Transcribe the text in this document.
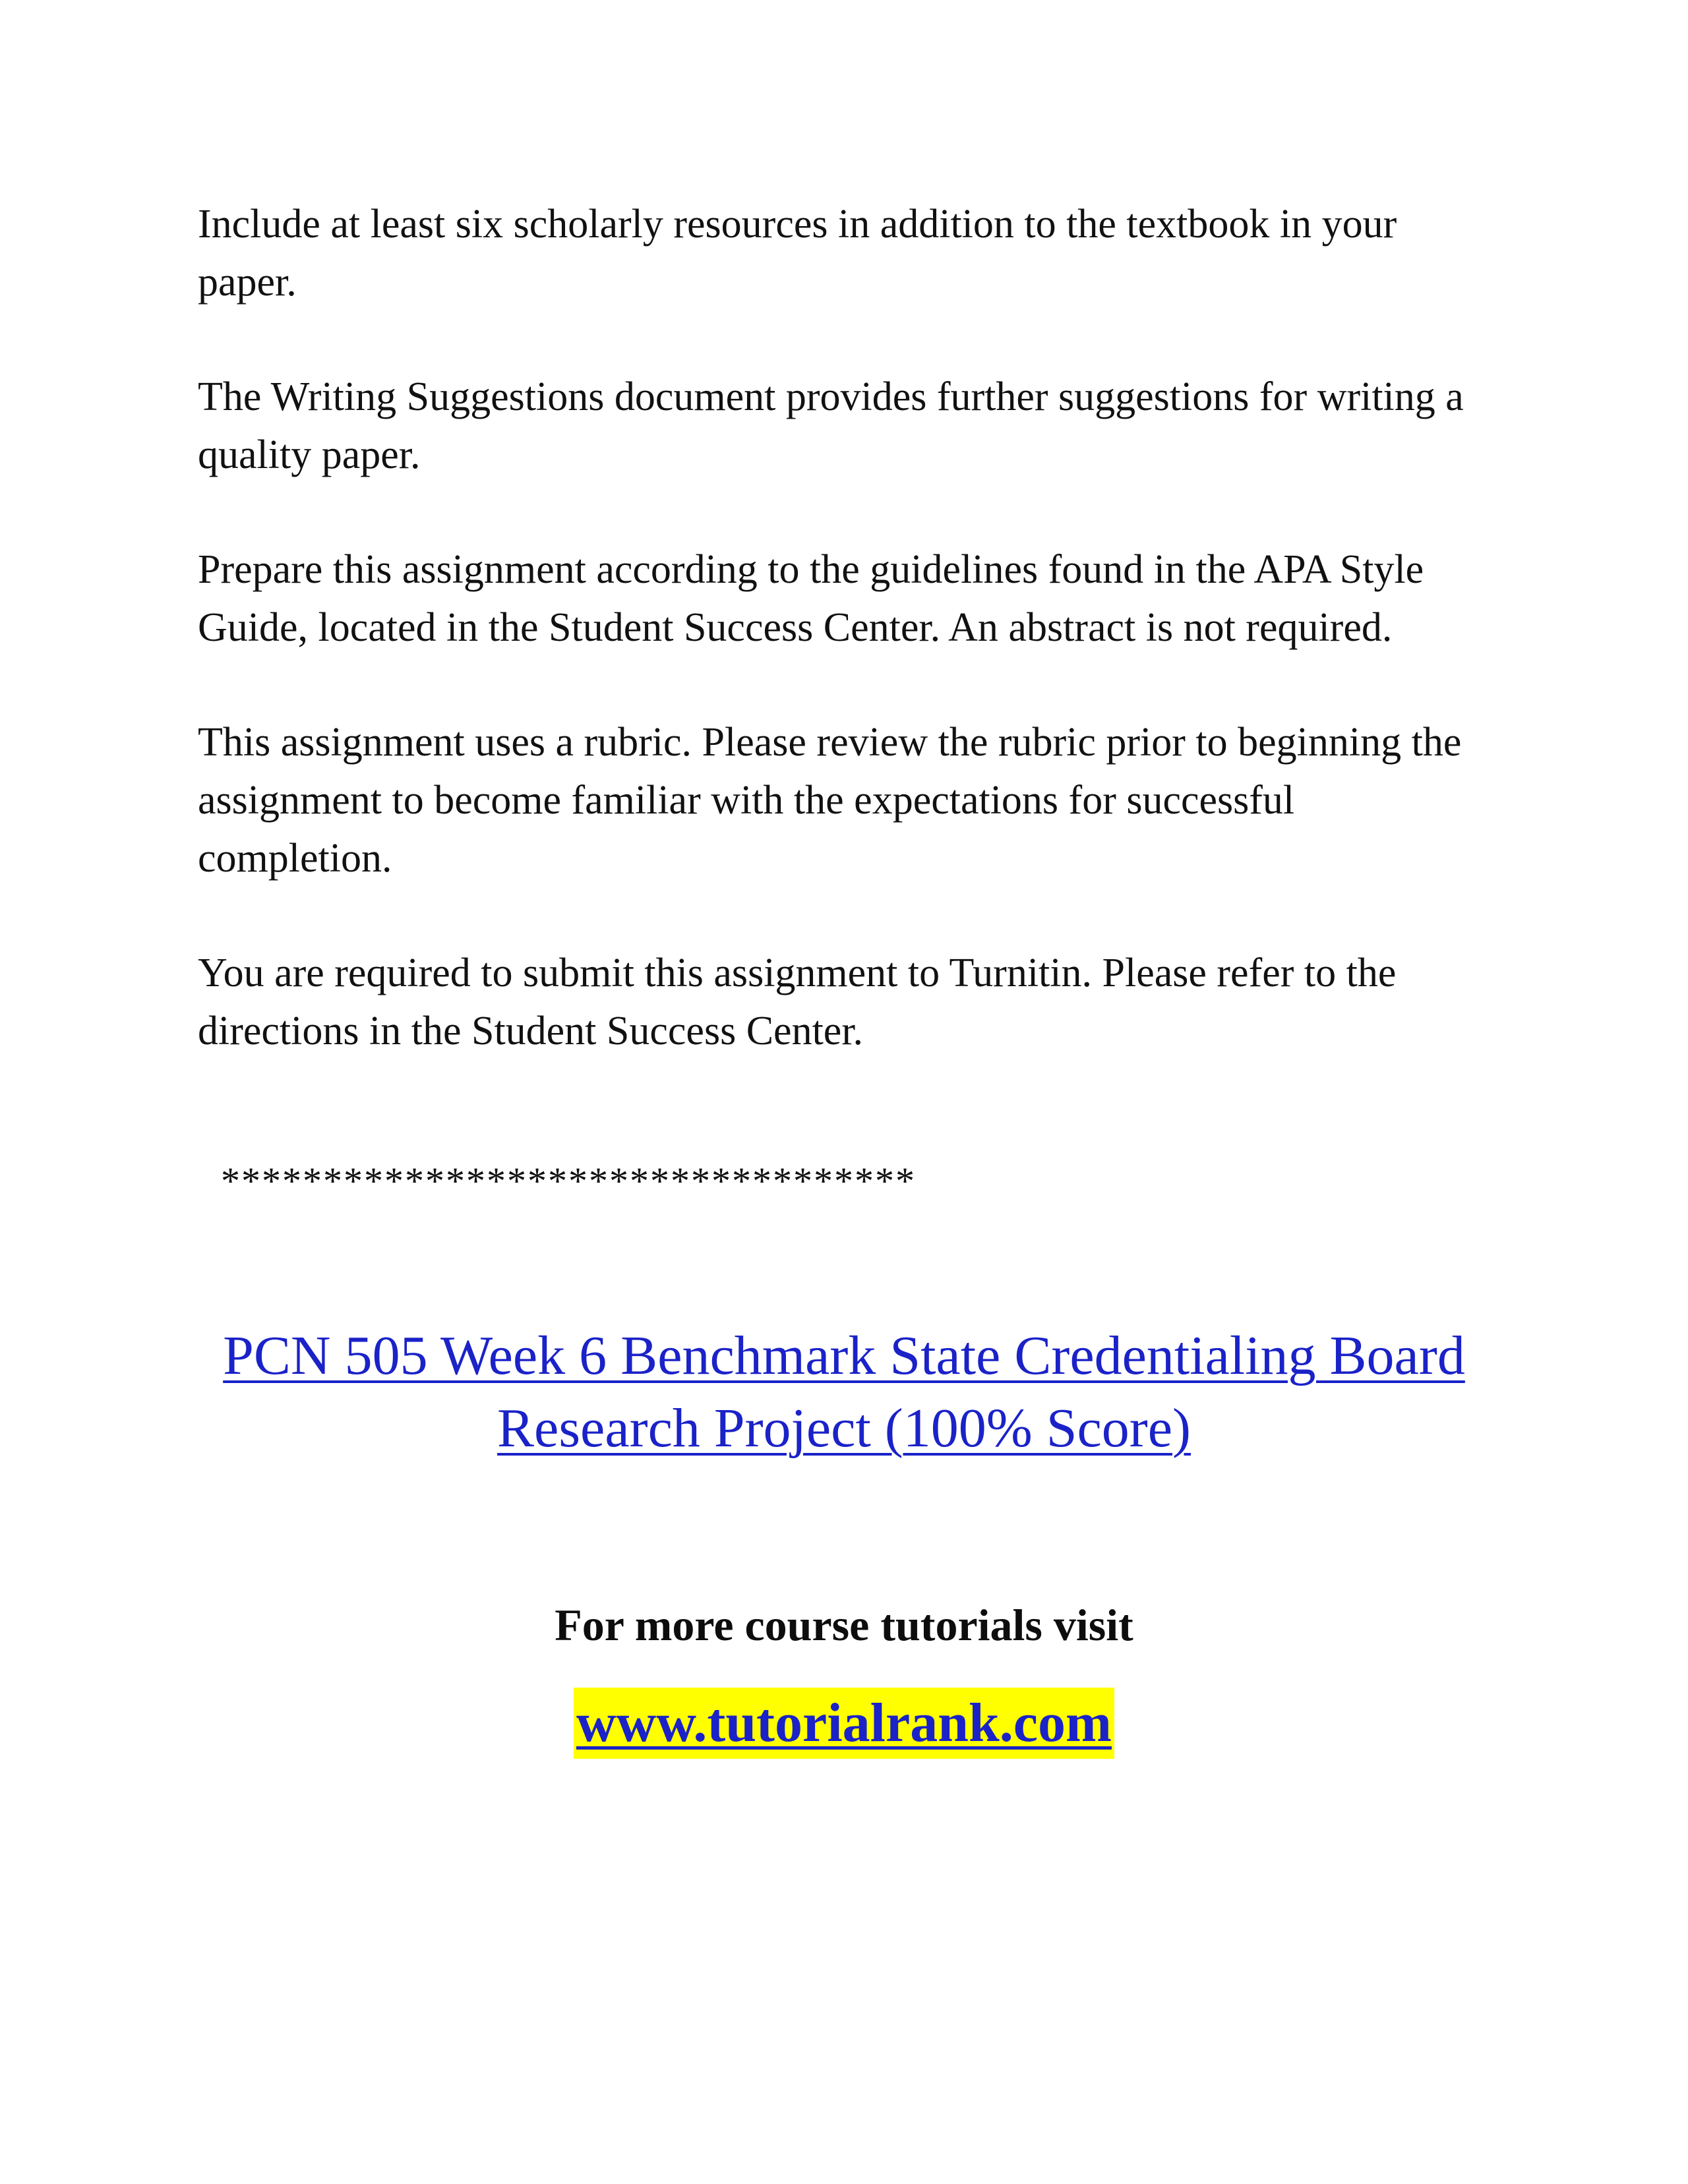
Include at least six scholarly resources in addition to the textbook in your paper.

The Writing Suggestions document provides further suggestions for writing a quality paper.

Prepare this assignment according to the guidelines found in the APA Style Guide, located in the Student Success Center. An abstract is not required.

This assignment uses a rubric. Please review the rubric prior to beginning the assignment to become familiar with the expectations for successful completion.

You are required to submit this assignment to Turnitin. Please refer to the directions in the Student Success Center.

**********************************
PCN 505 Week 6 Benchmark State Credentialing Board
Research Project (100% Score)
For more course tutorials visit
www.tutorialrank.com
